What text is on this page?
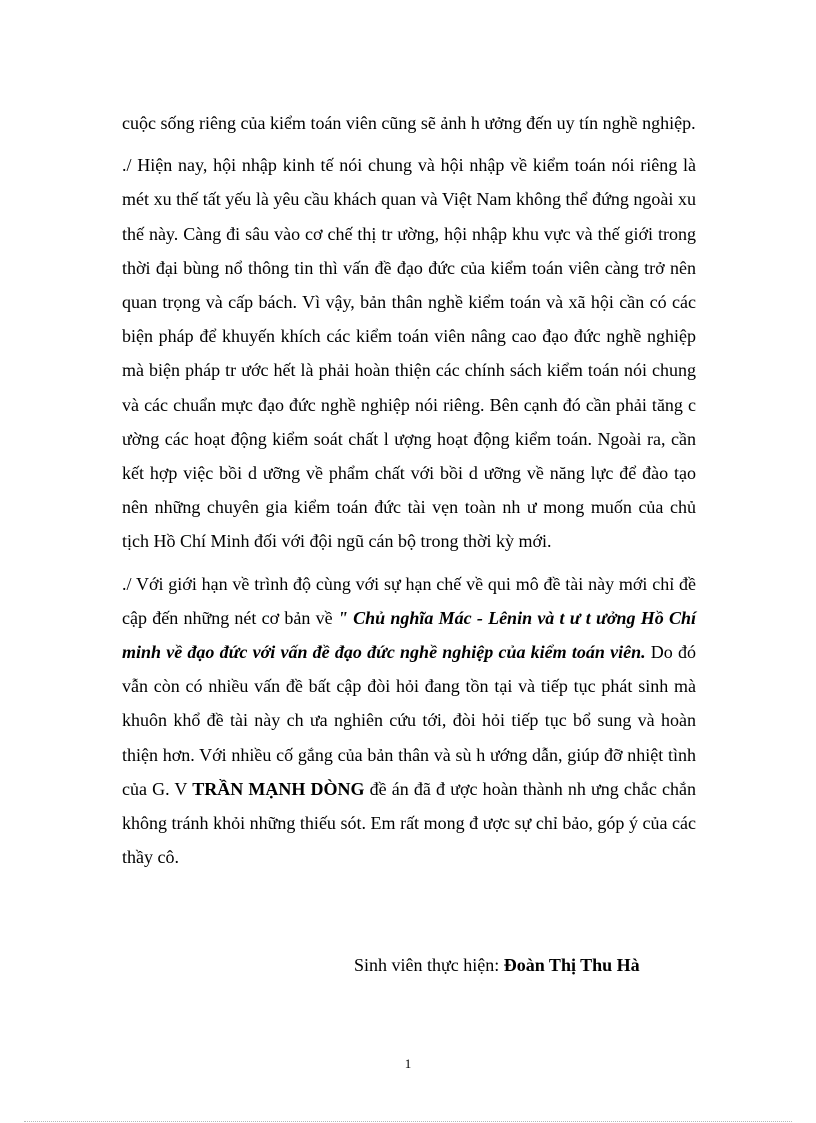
cuộc sống riêng của kiểm toán viên cũng sẽ ảnh h ưởng đến uy tín nghề nghiệp.

./ Hiện nay, hội nhập kinh tế nói chung và hội nhập về kiểm toán nói riêng là mét xu thế tất yếu là yêu cầu khách quan và Việt Nam không thể đứng ngoài xu thế này. Càng đi sâu vào cơ chế thị tr ường, hội nhập khu vực và thế giới trong thời đại bùng nổ thông tin thì vấn đề đạo đức của kiểm toán viên càng trở nên quan trọng và cấp bách. Vì vậy, bản thân nghề kiểm toán và xã hội cần có các biện pháp để khuyến khích các kiểm toán viên nâng cao đạo đức nghề nghiệp mà biện pháp tr ước hết là phải hoàn thiện các chính sách kiểm toán nói chung và các chuẩn mực đạo đức nghề nghiệp nói riêng. Bên cạnh đó cần phải tăng c ường các hoạt động kiểm soát chất l ượng hoạt động kiểm toán. Ngoài ra, cần kết hợp việc bồi d ưỡng về phẩm chất với bồi d ưỡng về năng lực để đào tạo nên những chuyên gia kiểm toán đức tài vẹn toàn nh ư mong muốn của chủ tịch Hồ Chí Minh đối với đội ngũ cán bộ trong thời kỳ mới.

./ Với giới hạn về trình độ cùng với sự hạn chế về qui mô đề tài này mới chỉ đề cập đến những nét cơ bản về " Chủ nghĩa Mác - Lênin và t ư t ưởng Hồ Chí minh về đạo đức với vấn đề đạo đức nghề nghiệp của kiểm toán viên. Do đó vẫn còn có nhiều vấn đề bất cập đòi hỏi đang tồn tại và tiếp tục phát sinh mà khuôn khổ đề tài này ch ưa nghiên cứu tới, đòi hỏi tiếp tục bổ sung và hoàn thiện hơn. Với nhiều cố gắng của bản thân và sù h ướng dẫn, giúp đỡ nhiệt tình của G. V TRẦN MẠNH DÒNG đề án đã đ ược hoàn thành nh ưng chắc chắn không tránh khỏi những thiếu sót. Em rất mong đ ược sự chỉ bảo, góp ý của các thầy cô.

Sinh viên thực hiện: Đoàn Thị Thu Hà
1
